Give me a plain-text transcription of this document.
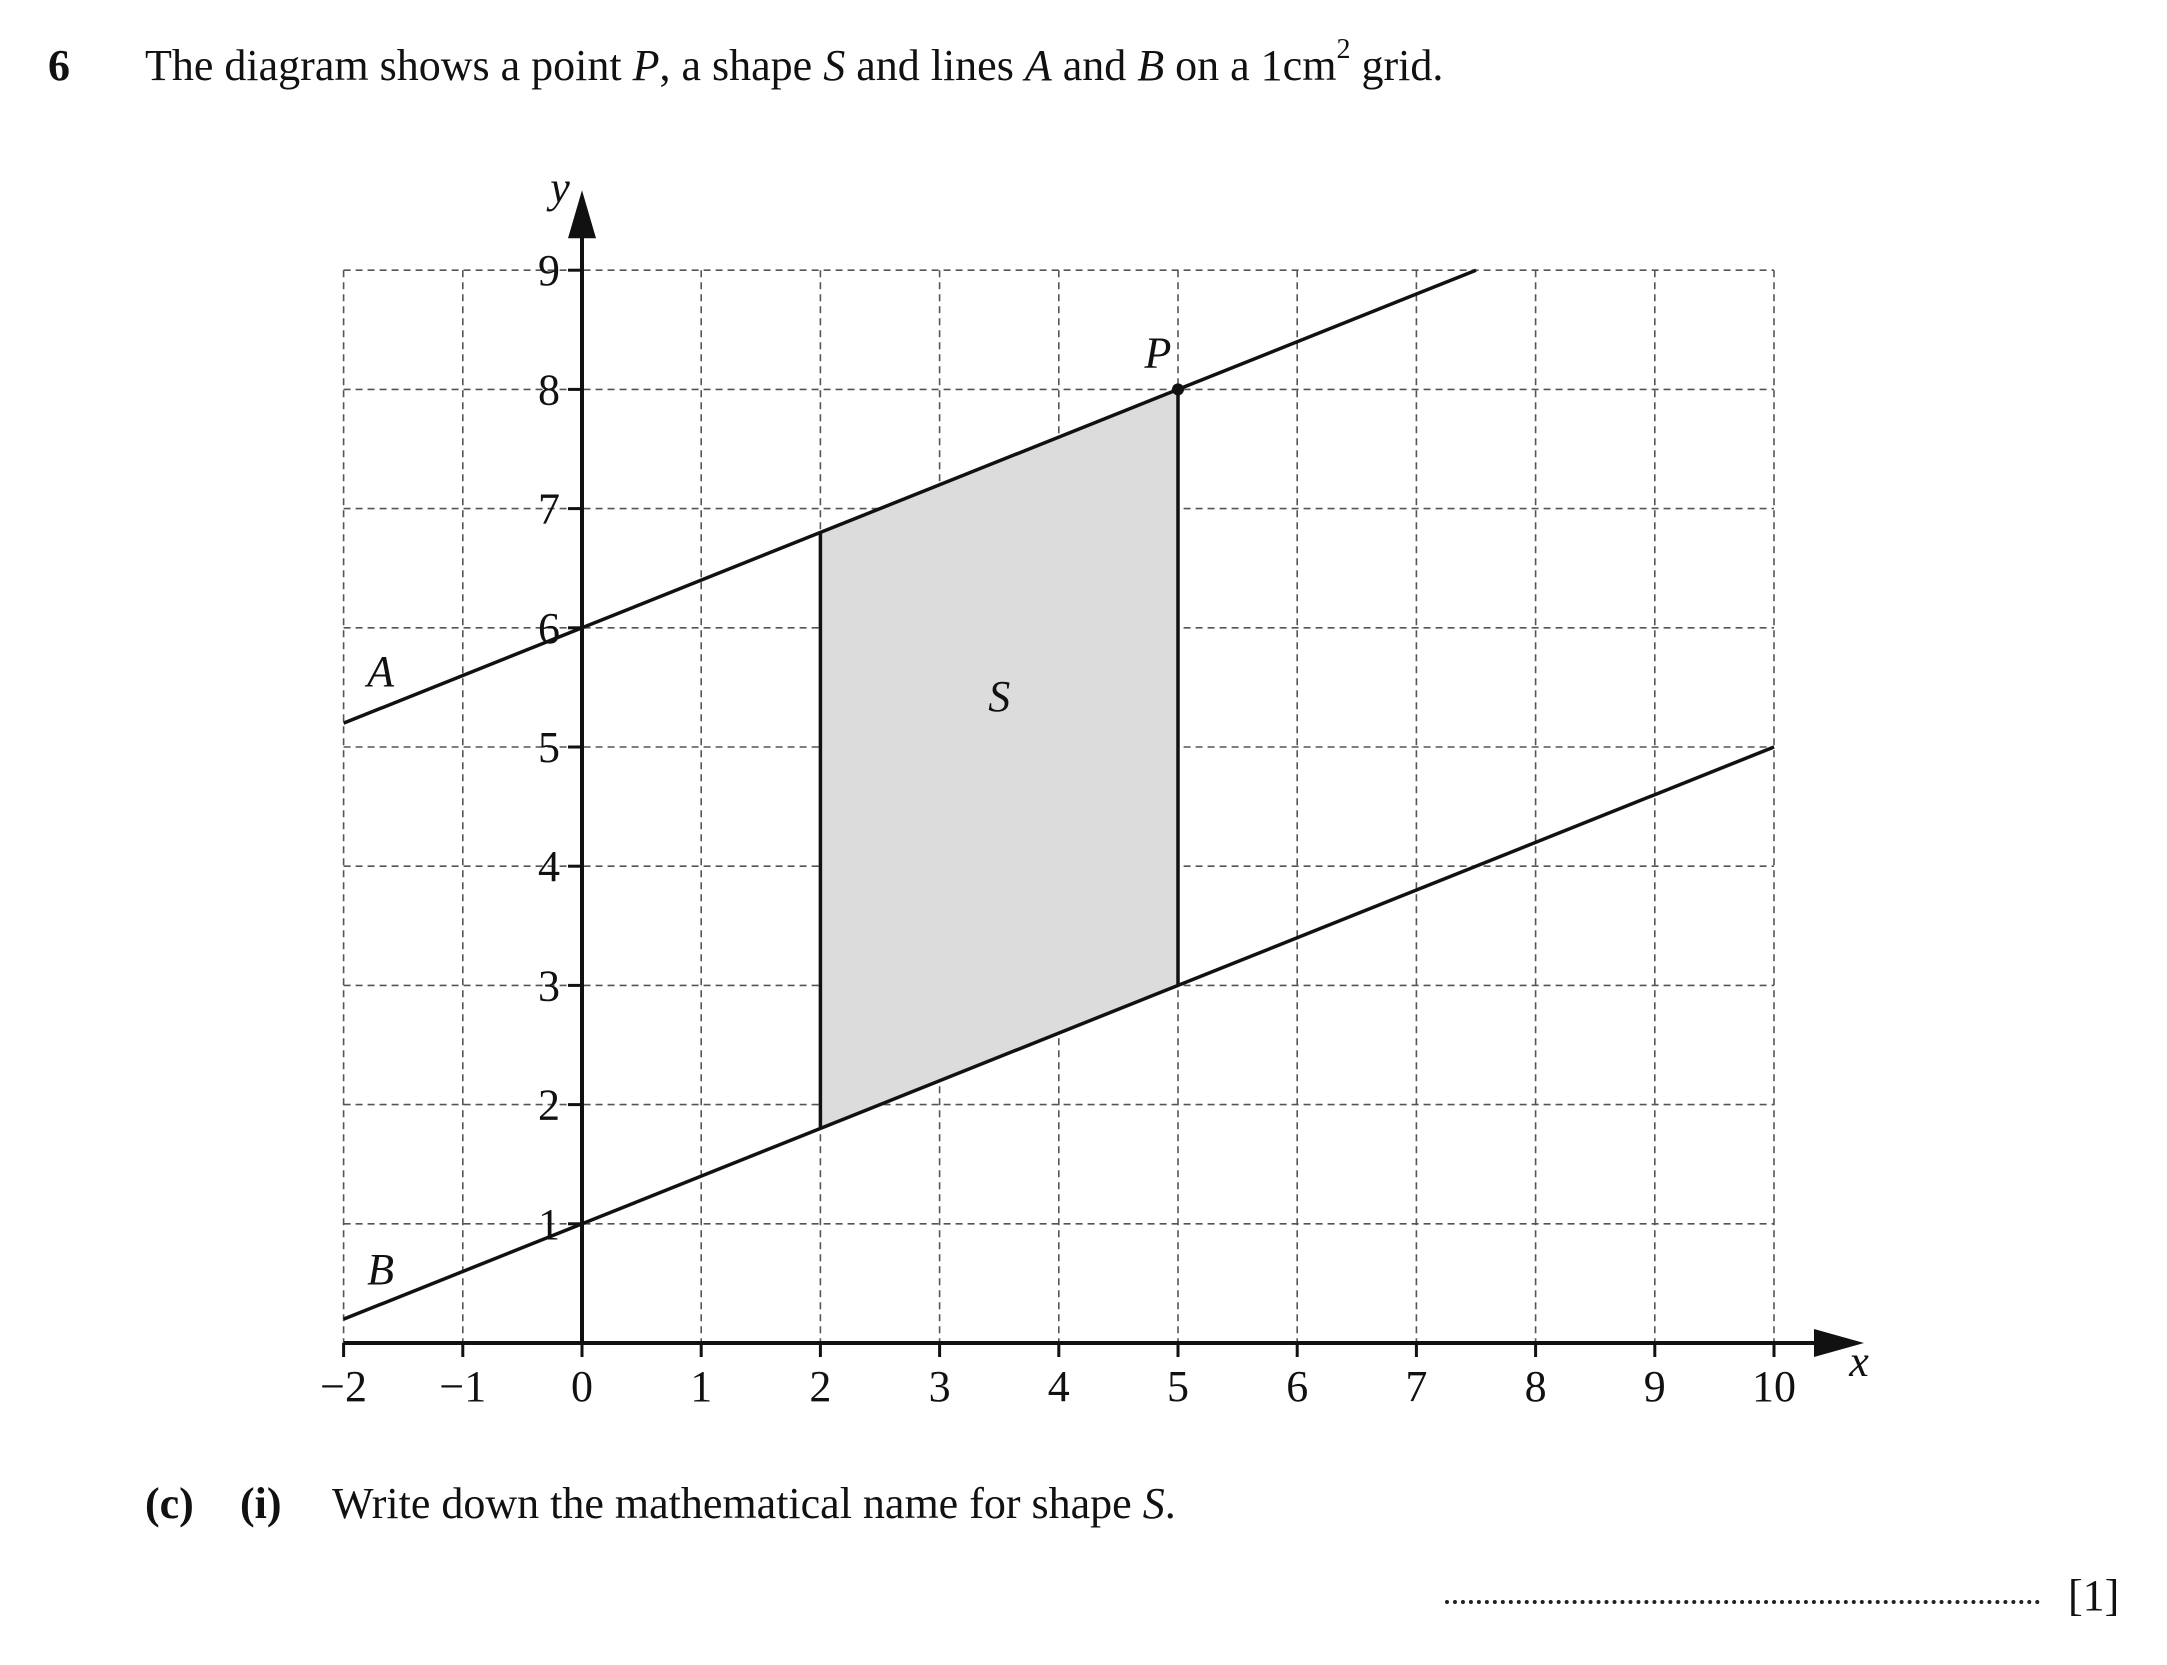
6 The diagram shows a point P, a shape S and lines A and B on a $1cm^2$ grid.
−2 −1 0 1 2 3 4 5 6 7 8 9 10
1
2
3
4
5
6
7
8
9
x
y
A
B
P
S
(c) (i) Write down the mathematical name for shape S.
[1]
